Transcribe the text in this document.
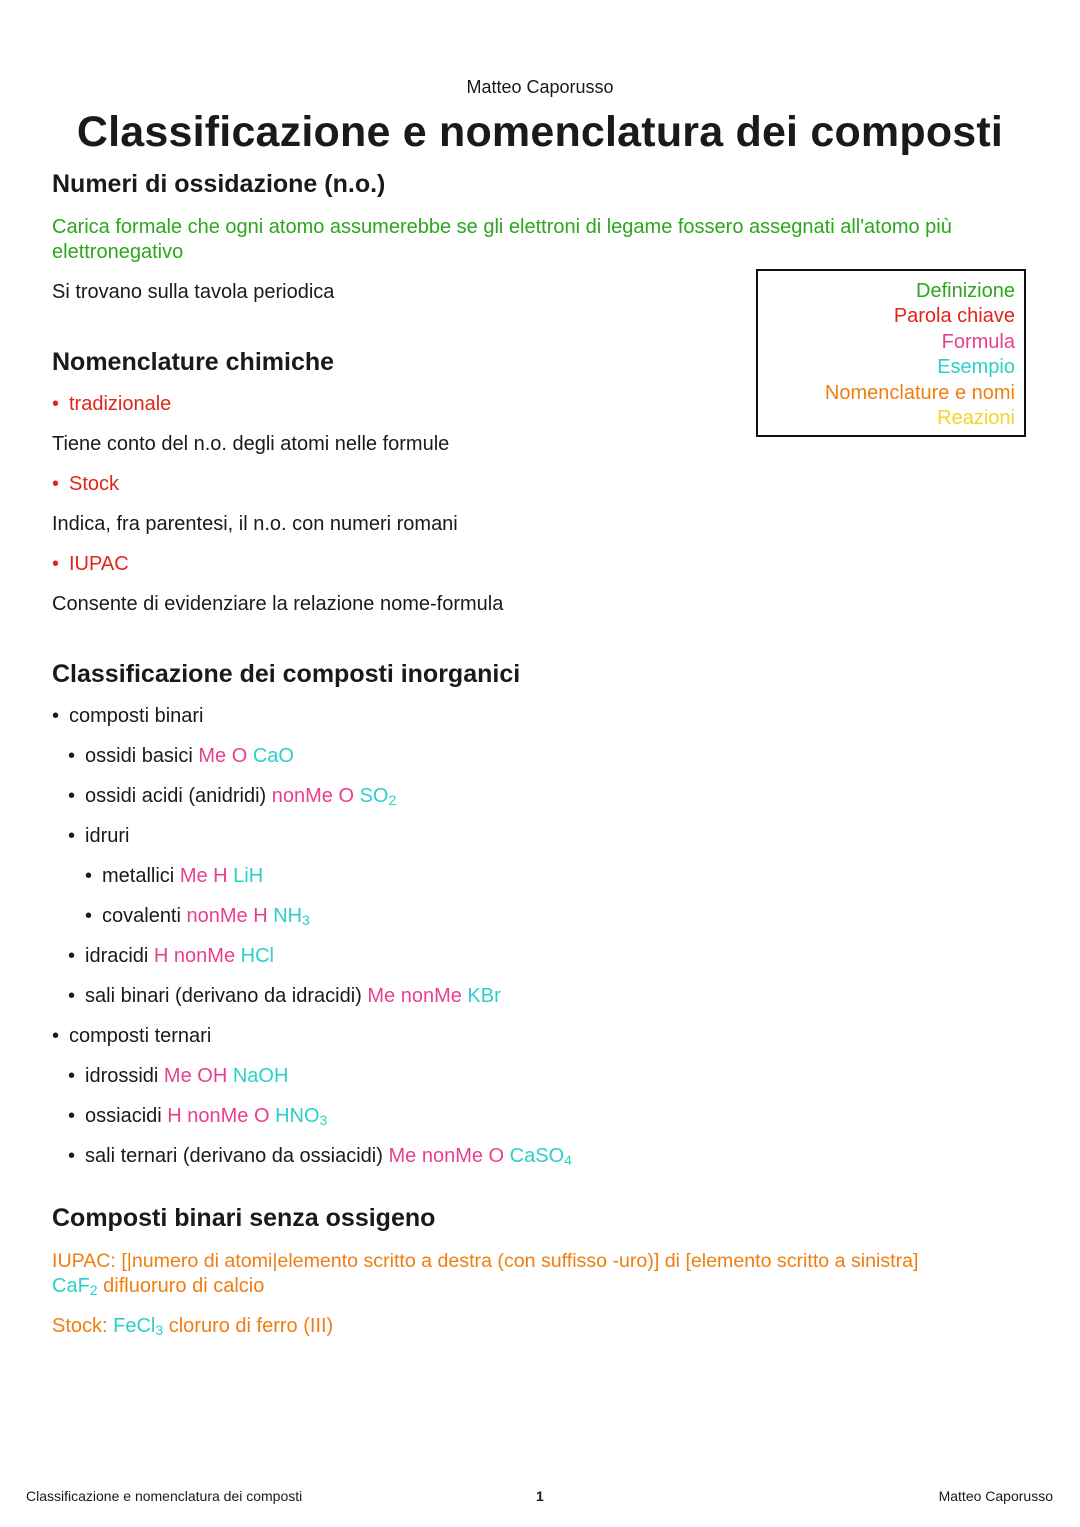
Matteo Caporusso
Classificazione e nomenclatura dei composti
Numeri di ossidazione (n.o.)
Carica formale che ogni atomo assumerebbe se gli elettroni di legame fossero assegnati all'atomo più elettronegativo
Si trovano sulla tavola periodica	Definizione
Parola chiave
Formula
Esempio
Nomenclature e nomi
Reazioni
Nomenclature chimiche
• tradizionale
Tiene conto del n.o. degli atomi nelle formule
• Stock
Indica, fra parentesi, il n.o. con numeri romani
• IUPAC
Consente di evidenziare la relazione nome-formula
Classificazione dei composti inorganici
• composti binari
• ossidi basici Me O CaO
• ossidi acidi (anidridi) nonMe O $SO_2$
• idruri
• metallici Me H LiH
• covalenti nonMe H $NH_3$
• idracidi H nonMe HCl
• sali binari (derivano da idracidi) Me nonMe KBr
• composti ternari
• idrossidi Me OH NaOH
• ossiacidi H nonMe O $HNO_3$
• sali ternari (derivano da ossiacidi) Me nonMe O CaSO$_4$
Composti binari senza ossigeno
IUPAC: [|numero di atomi|elemento scritto a destra (con suffisso -uro)] di [elemento scritto a sinistra]
CaF$_2$ difluoruro di calcio
Stock: FeCl$_3$ cloruro di ferro (III)
Classificazione e nomenclatura dei composti	1	Matteo Caporusso
